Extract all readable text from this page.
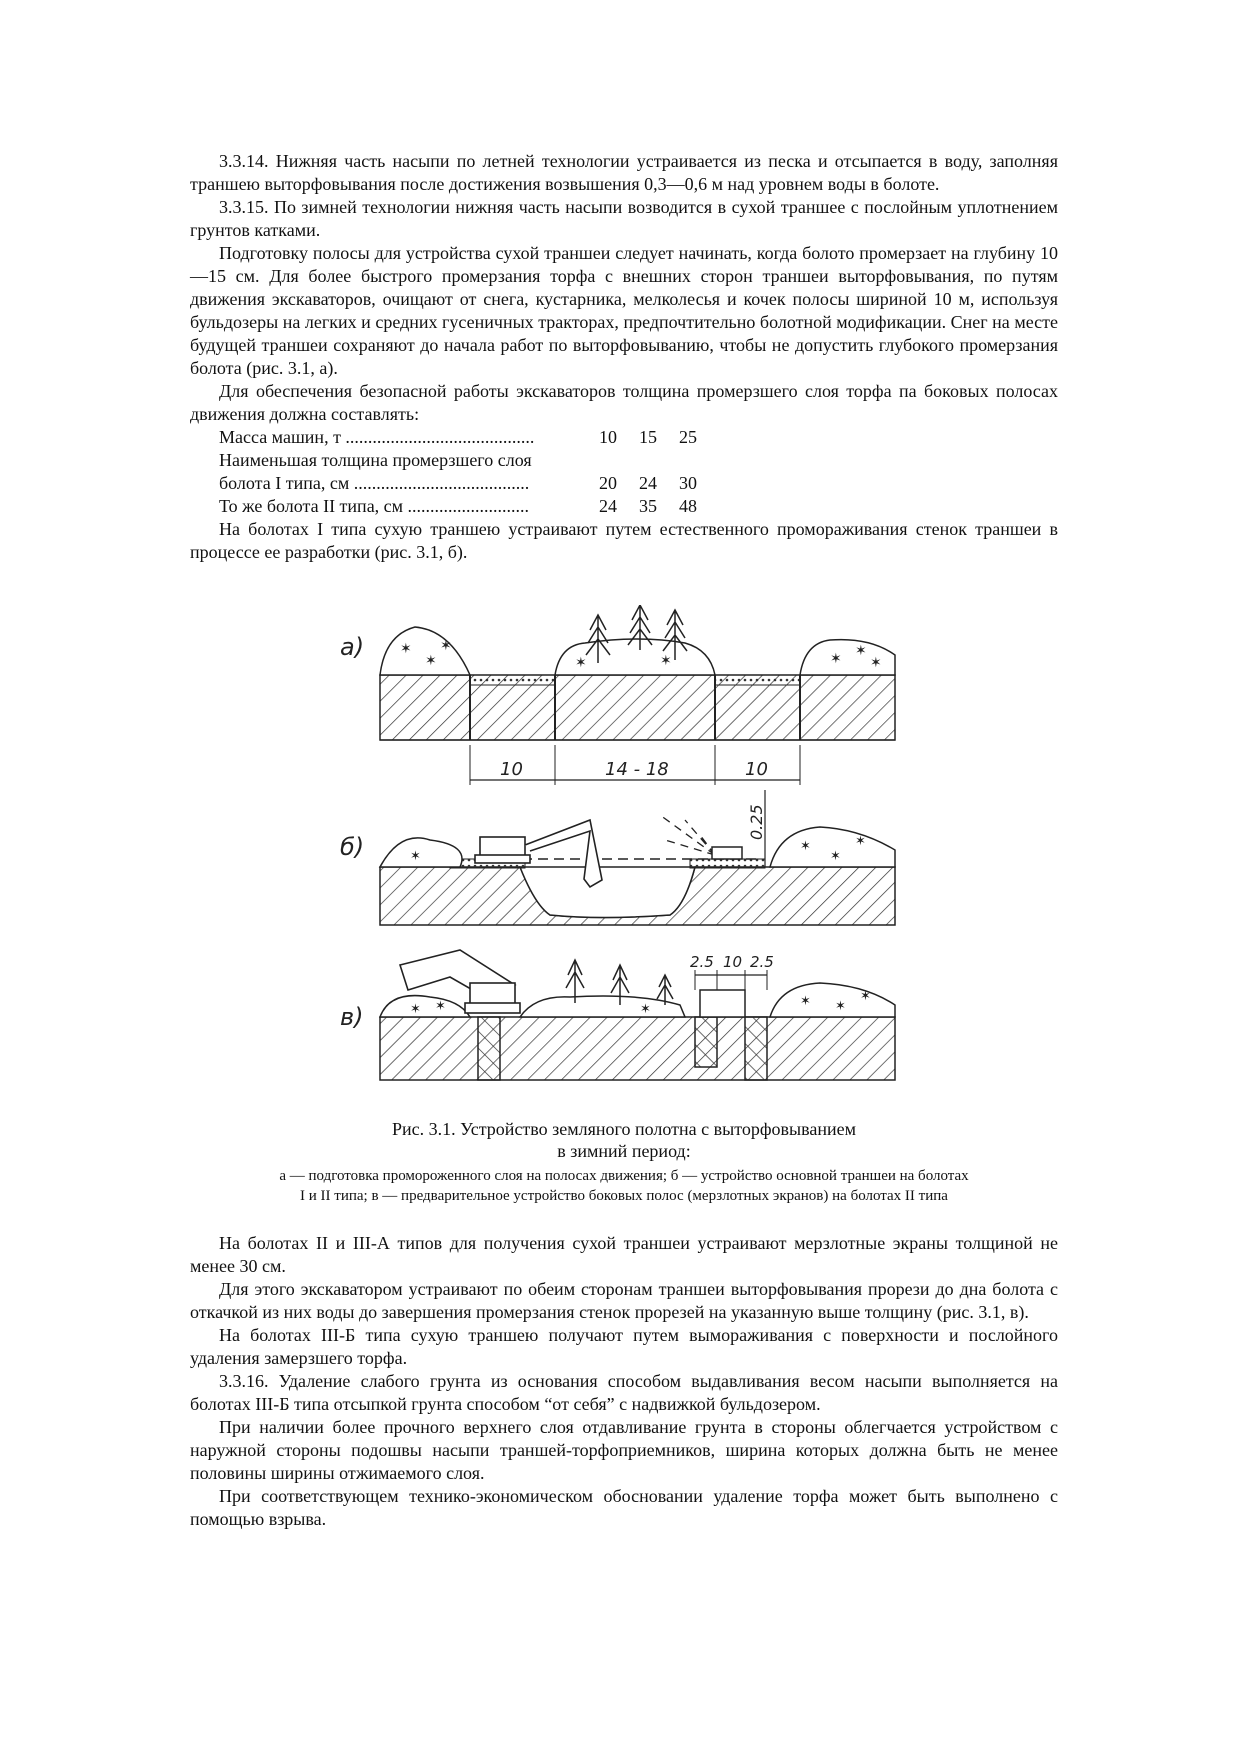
3.3.14. Нижняя часть насыпи по летней технологии устраивается из песка и отсыпается в воду, заполняя траншею выторфовывания после достижения возвышения 0,3—0,6 м над уровнем воды в болоте.

3.3.15. По зимней технологии нижняя часть насыпи возводится в сухой траншее с послойным уплотнением грунтов катками.

Подготовку полосы для устройства сухой траншеи следует начинать, когда болото промерзает на глубину 10—15 см. Для более быстрого промерзания торфа с внешних сторон траншеи выторфовывания, по путям движения экскаваторов, очищают от снега, кустарника, мелколесья и кочек полосы шириной 10 м, используя бульдозеры на легких и средних гусеничных тракторах, предпочтительно болотной модификации. Снег на месте будущей траншеи сохраняют до начала работ по выторфовыванию, чтобы не допустить глубокого промерзания болота (рис. 3.1, а).

Для обеспечения безопасной работы экскаваторов толщина промерзшего слоя торфа па боковых полосах движения должна составлять:

Масса машин, т ..........................................	10	15	25
Наименьшая толщина промерзшего слоя
болота I типа, см .......................................	20	24	30
То же болота II типа, см ...........................	24	35	48

На болотах I типа сухую траншею устраивают путем естественного промораживания стенок траншеи в процессе ее разработки (рис. 3.1, б).

а)	✶
✶
✶
✶	✶	✶ ✶
✶
10	14 - 18	10
б)	✶
✶
✶
✶
0.25
в)	✶ ✶	✶
✶ ✶
✶
2.5 10 2.5

Рис. 3.1. Устройство земляного полотна с выторфовыванием

в зимний период:

а — подготовка промороженного слоя на полосах движения; б — устройство основной траншеи на болотах

I и II типа; в — предварительное устройство боковых полос (мерзлотных экранов) на болотах II типа

На болотах II и III-А типов для получения сухой траншеи устраивают мерзлотные экраны толщиной не менее 30 см.

Для этого экскаватором устраивают по обеим сторонам траншеи выторфовывания прорези до дна болота с откачкой из них воды до завершения промерзания стенок прорезей на указанную выше толщину (рис. 3.1, в).

На болотах III-Б типа сухую траншею получают путем вымораживания с поверхности и послойного удаления замерзшего торфа.

3.3.16. Удаление слабого грунта из основания способом выдавливания весом насыпи выполняется на болотах III-Б типа отсыпкой грунта способом “от себя” с надвижкой бульдозером.

При наличии более прочного верхнего слоя отдавливание грунта в стороны облегчается устройством с наружной стороны подошвы насыпи траншей-торфоприемников, ширина которых должна быть не менее половины ширины отжимаемого слоя.

При соответствующем технико-экономическом обосновании удаление торфа может быть выполнено с помощью взрыва.
